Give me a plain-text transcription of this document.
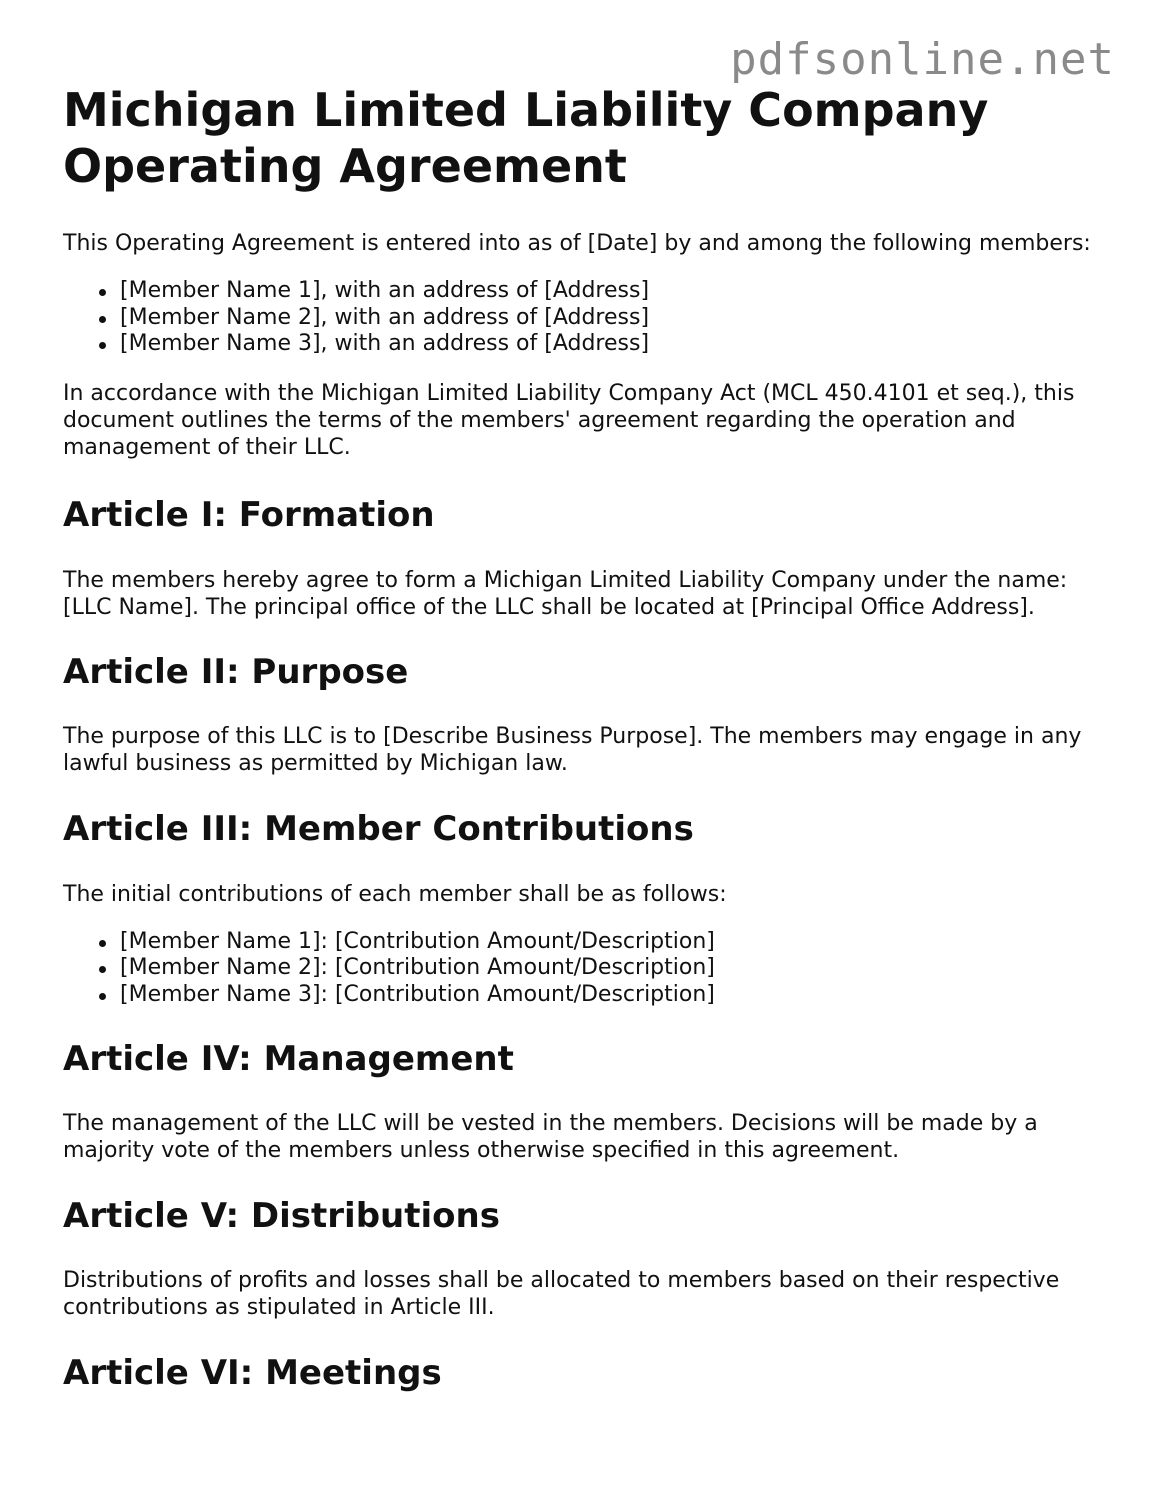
pdfsonline.net
Michigan Limited Liability Company Operating Agreement

This Operating Agreement is entered into as of [Date] by and among the following members:

[Member Name 1], with an address of [Address]
[Member Name 2], with an address of [Address]
[Member Name 3], with an address of [Address]

In accordance with the Michigan Limited Liability Company Act (MCL 450.4101 et seq.), this document outlines the terms of the members' agreement regarding the operation and management of their LLC.

Article I: Formation

The members hereby agree to form a Michigan Limited Liability Company under the name: [LLC Name]. The principal office of the LLC shall be located at [Principal Office Address].

Article II: Purpose

The purpose of this LLC is to [Describe Business Purpose]. The members may engage in any lawful business as permitted by Michigan law.

Article III: Member Contributions

The initial contributions of each member shall be as follows:

[Member Name 1]: [Contribution Amount/Description]
[Member Name 2]: [Contribution Amount/Description]
[Member Name 3]: [Contribution Amount/Description]
Article IV: Management

The management of the LLC will be vested in the members. Decisions will be made by a majority vote of the members unless otherwise specified in this agreement.

Article V: Distributions

Distributions of profits and losses shall be allocated to members based on their respective contributions as stipulated in Article III.

Article VI: Meetings
